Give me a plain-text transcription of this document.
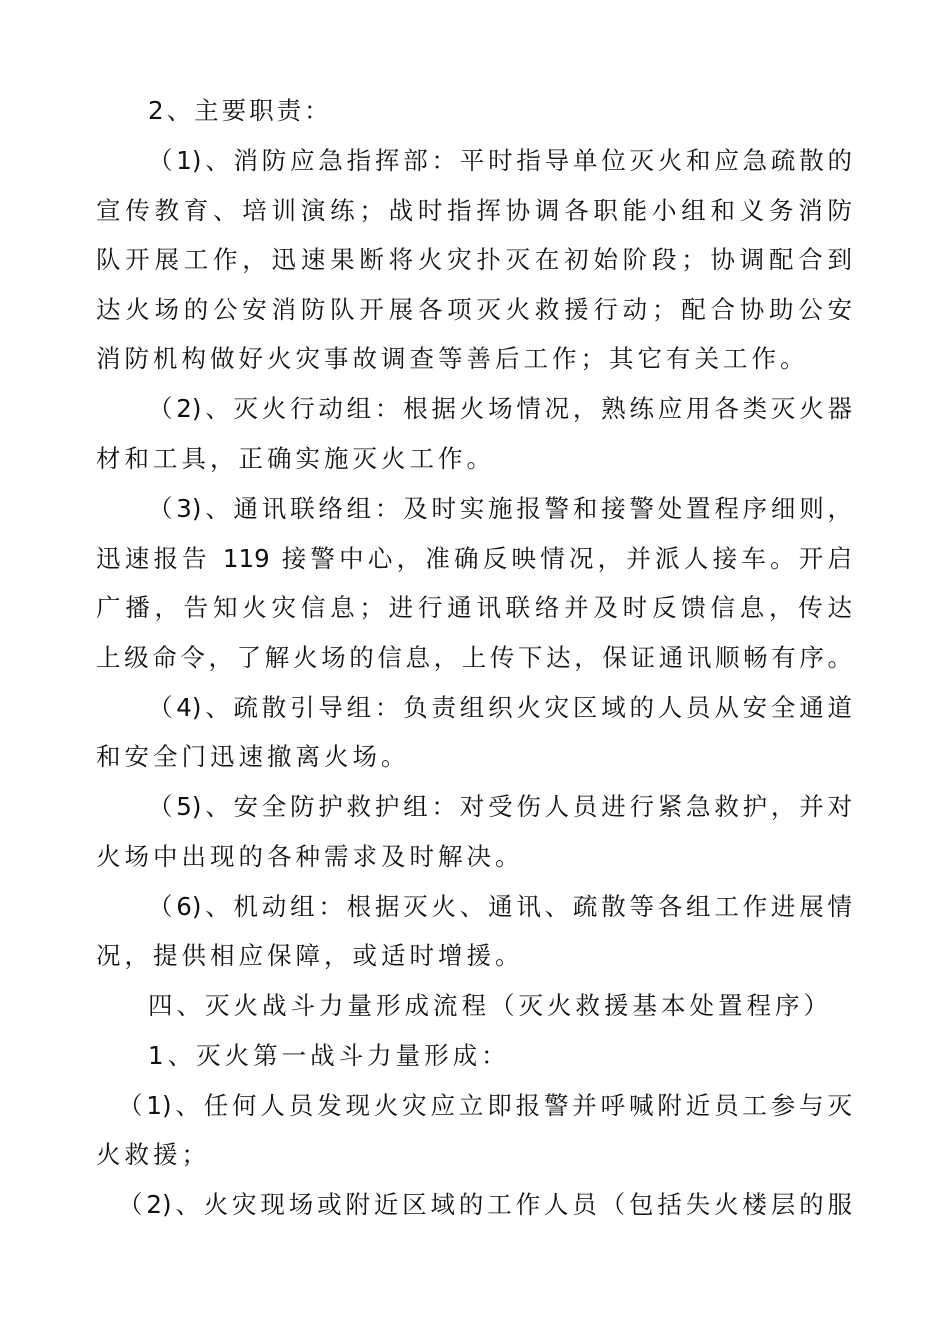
2、主要职责：

（1)、消防应急指挥部：平时指导单位灭火和应急疏散的

宣传教育、培训演练；战时指挥协调各职能小组和义务消防

队开展工作，迅速果断将火灾扑灭在初始阶段；协调配合到

达火场的公安消防队开展各项灭火救援行动；配合协助公安

消防机构做好火灾事故调查等善后工作；其它有关工作。

（2)、灭火行动组：根据火场情况，熟练应用各类灭火器

材和工具，正确实施灭火工作。

（3)、通讯联络组：及时实施报警和接警处置程序细则，

迅速报告 119 接警中心，准确反映情况，并派人接车。开启

广播，告知火灾信息；进行通讯联络并及时反馈信息，传达

上级命令，了解火场的信息，上传下达，保证通讯顺畅有序。

（4)、疏散引导组：负责组织火灾区域的人员从安全通道

和安全门迅速撤离火场。

（5)、安全防护救护组：对受伤人员进行紧急救护，并对

火场中出现的各种需求及时解决。

（6)、机动组：根据灭火、通讯、疏散等各组工作进展情

况，提供相应保障，或适时增援。

四、灭火战斗力量形成流程（灭火救援基本处置程序）

1、灭火第一战斗力量形成：

（1)、任何人员发现火灾应立即报警并呼喊附近员工参与灭

火救援；

（2)、火灾现场或附近区域的工作人员（包括失火楼层的服
